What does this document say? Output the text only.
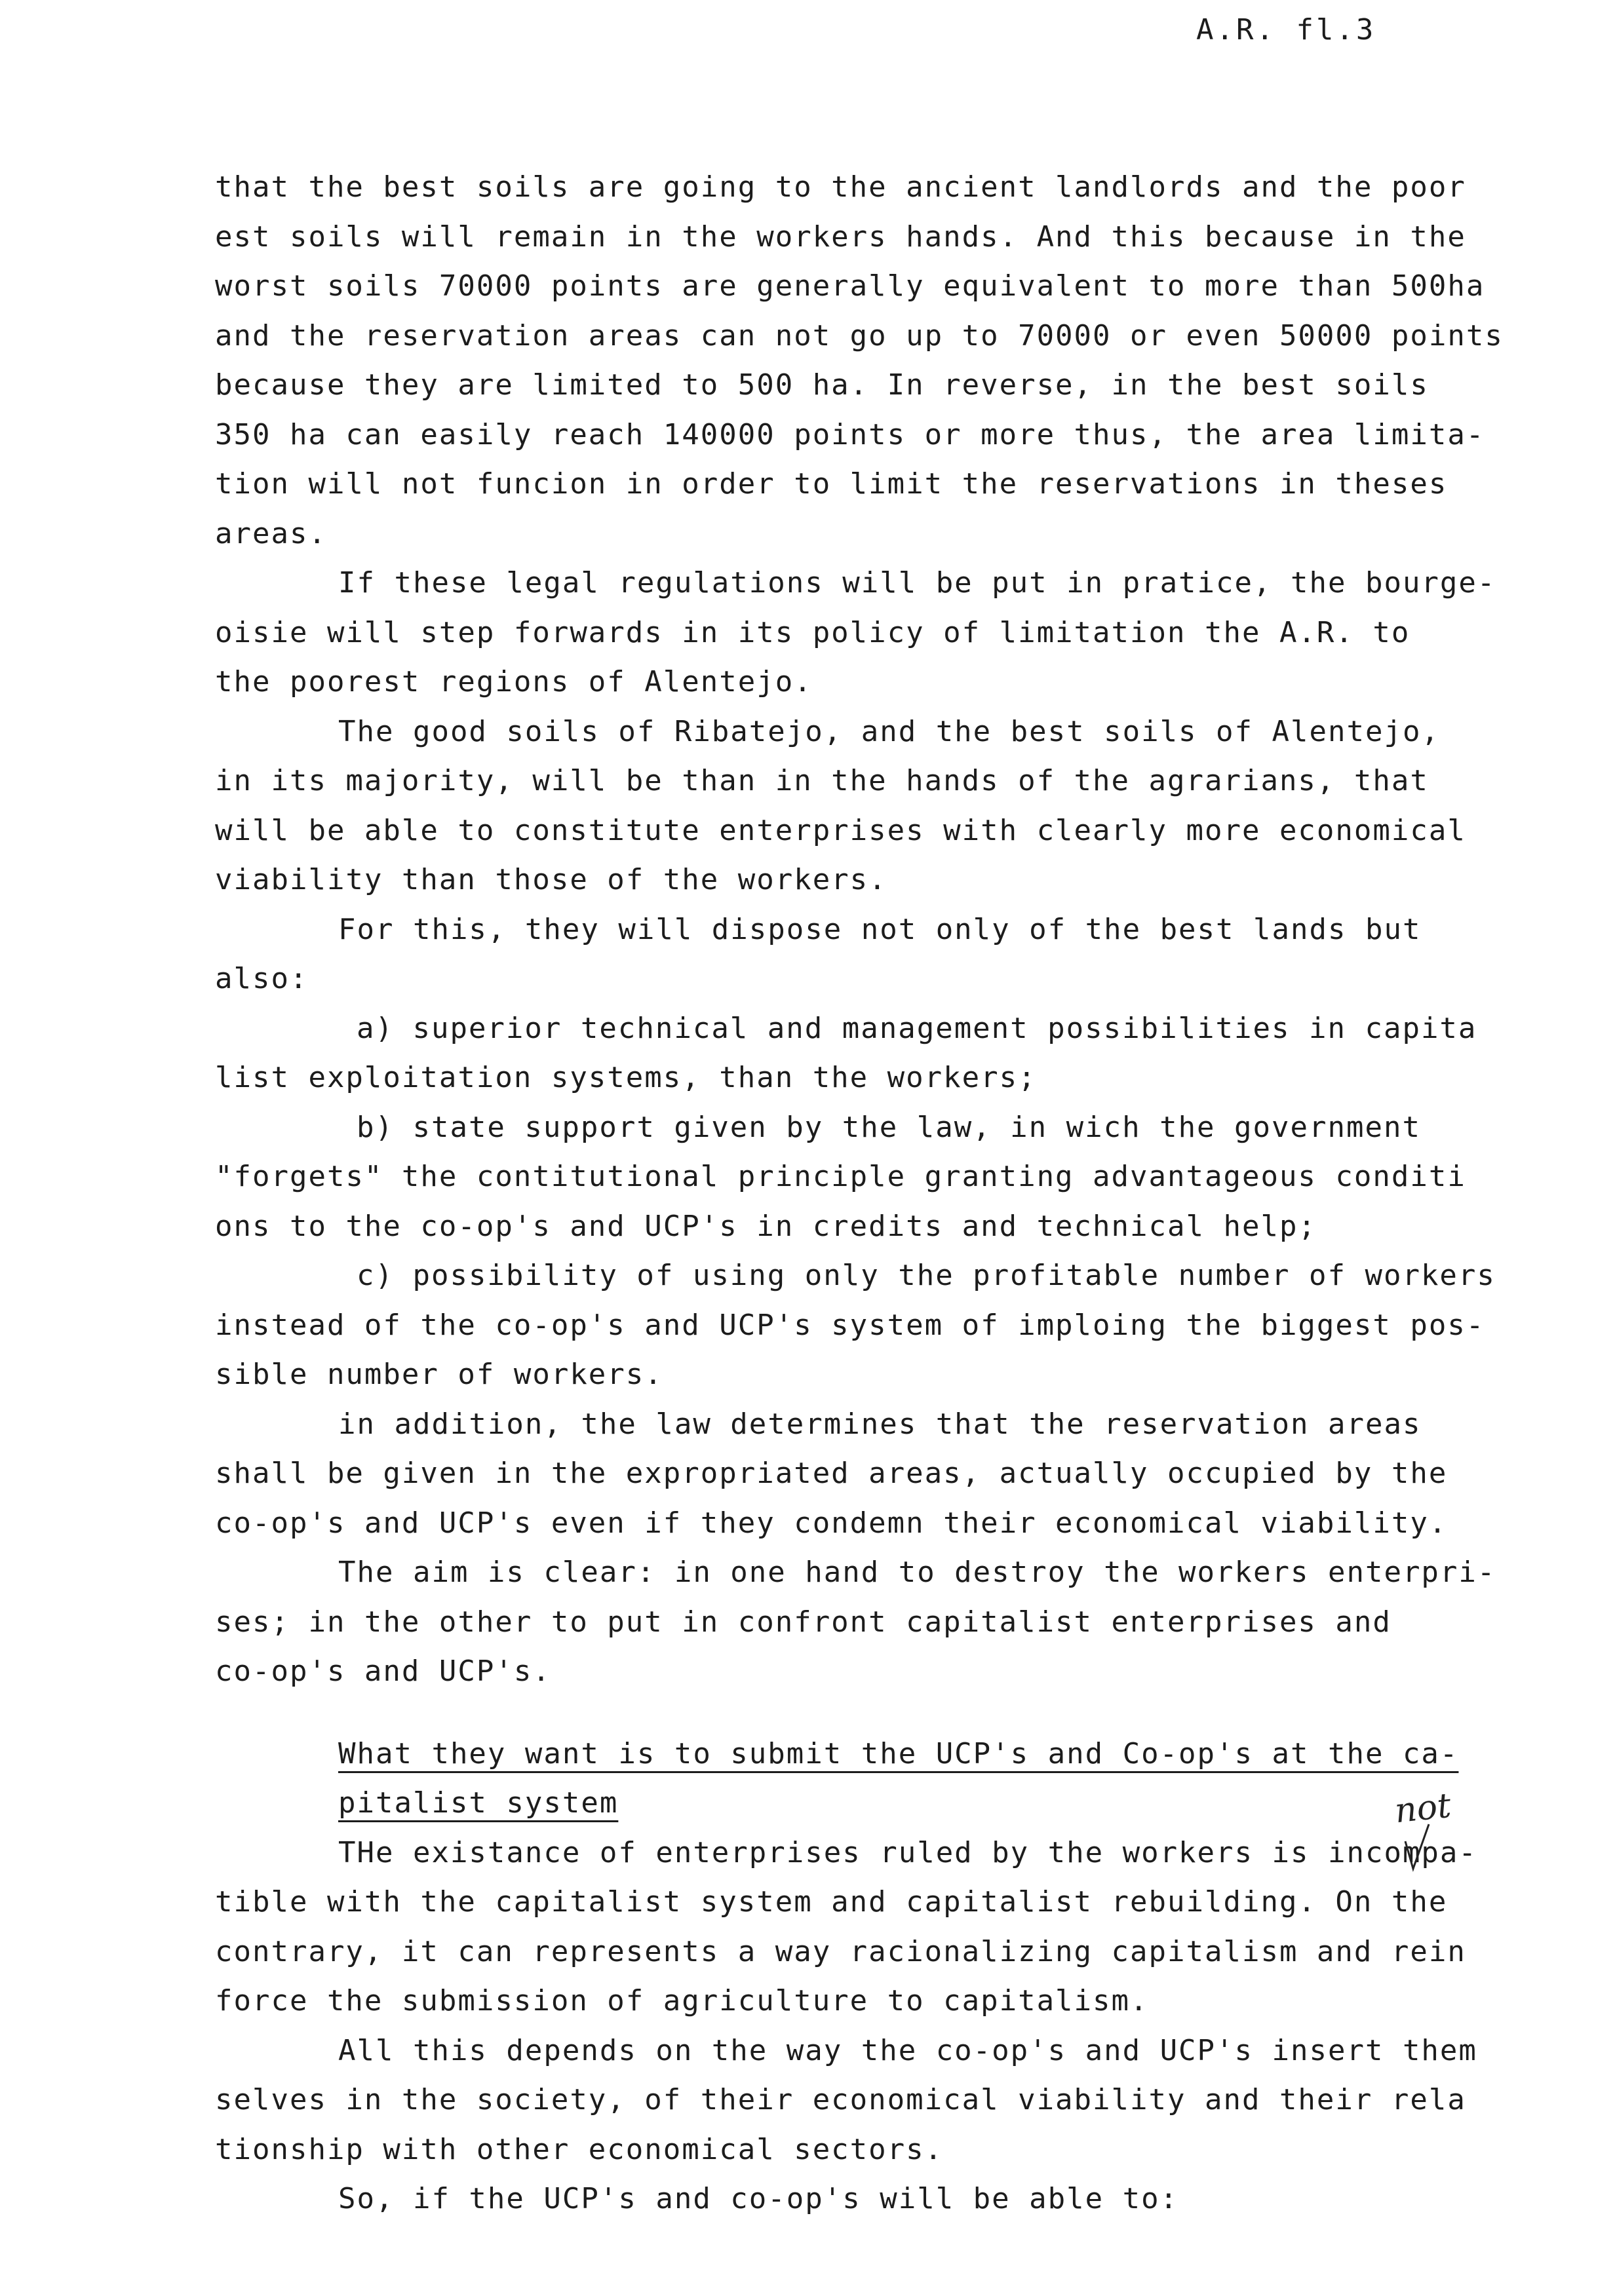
A.R. fl.3
that the best soils are going to the ancient landlords and the poor
est soils will remain in the workers hands. And this because in the
worst soils 70000 points are generally equivalent to more than 500ha
and the reservation areas can not go up to 70000 or even 50000 points
because they are limited to 500 ha. In reverse, in the best soils
350 ha can easily reach 140000 points or more thus, the area limita-
tion will not funcion in order to limit the reservations in theses
areas.
If these legal regulations will be put in pratice, the bourge-
oisie will step forwards in its policy of limitation the A.R. to
the poorest regions of Alentejo.
The good soils of Ribatejo, and the best soils of Alentejo,
in its majority, will be than in the hands of the agrarians, that
will be able to constitute enterprises with clearly more economical
viability than those of the workers.
For this, they will dispose not only of the best lands but
also:
a) superior technical and management possibilities in capita
list exploitation systems, than the workers;
b) state support given by the law, in wich the government
"forgets" the contitutional principle granting advantageous conditi
ons to the co-op's and UCP's in credits and technical help;
c) possibility of using only the profitable number of workers
instead of the co-op's and UCP's system of imploing the biggest pos-
sible number of workers.
in addition, the law determines that the reservation areas
shall be given in the expropriated areas, actually occupied by the
co-op's and UCP's even if they condemn their economical viability.
The aim is clear: in one hand to destroy the workers enterpri-
ses; in the other to put in confront capitalist enterprises and
co-op's and UCP's.
What they want is to submit the UCP's and Co-op's at the ca-
pitalist system
THe existance of enterprises ruled by the workers is incompa-
tible with the capitalist system and capitalist rebuilding. On the
contrary, it can represents a way racionalizing capitalism and rein
force the submission of agriculture to capitalism.
All this depends on the way the co-op's and UCP's insert them
selves in the society, of their economical viability and their rela
tionship with other economical sectors.
So, if the UCP's and co-op's will be able to:
not
